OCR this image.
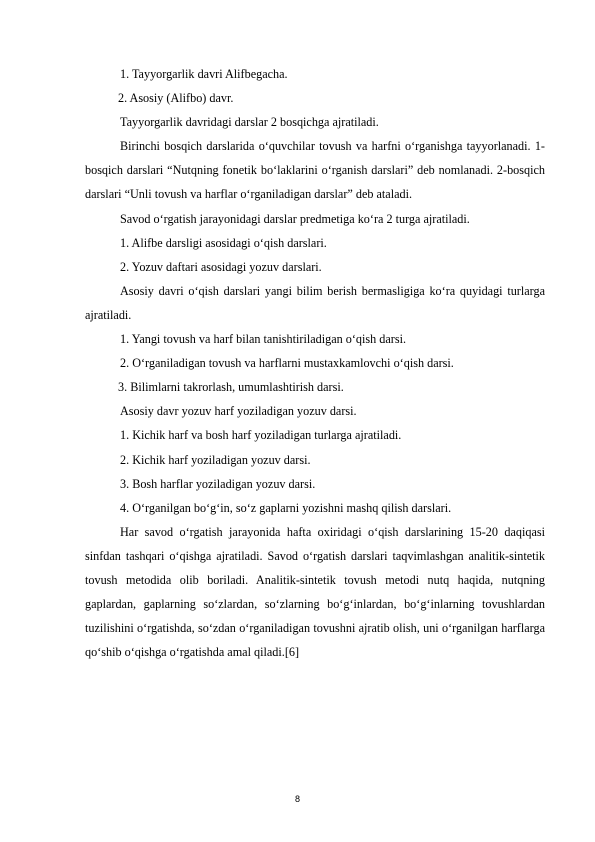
1. Tayyorgarlik davri Alifbegacha.

2. Asosiy (Alifbo) davr.

Tayyorgarlik davridagi darslar 2 bosqichga ajratiladi.

Birinchi bosqich darslarida o‘quvchilar tovush va harfni o‘rganishga tayyorlanadi. 1-bosqich darslari “Nutqning fonetik bo‘laklarini o‘rganish darslari” deb nomlanadi. 2-bosqich darslari “Unli tovush va harflar o‘rganiladigan darslar” deb ataladi.

Savod o‘rgatish jarayonidagi darslar predmetiga ko‘ra 2 turga ajratiladi.

1. Alifbe darsligi asosidagi o‘qish darslari.

2. Yozuv daftari asosidagi yozuv darslari.

Asosiy davri o‘qish darslari yangi bilim berish bermasligiga ko‘ra quyidagi turlarga ajratiladi.

1. Yangi tovush va harf bilan tanishtiriladigan o‘qish darsi.

2. O‘rganiladigan tovush va harflarni mustaxkamlovchi o‘qish darsi.

3. Bilimlarni takrorlash, umumlashtirish darsi.

Asosiy davr yozuv harf yoziladigan yozuv darsi.

1. Kichik harf va bosh harf yoziladigan turlarga ajratiladi.

2. Kichik harf yoziladigan yozuv darsi.

3. Bosh harflar yoziladigan yozuv darsi.

4. O‘rganilgan bo‘g‘in, so‘z gaplarni yozishni mashq qilish darslari.

Har savod o‘rgatish jarayonida hafta oxiridagi o‘qish darslarining 15-20 daqiqasi sinfdan tashqari o‘qishga ajratiladi. Savod o‘rgatish darslari taqvimlashgan analitik-sintetik tovush metodida olib boriladi. Analitik-sintetik tovush metodi nutq haqida, nutqning gaplardan, gaplarning so‘zlardan, so‘zlarning bo‘g‘inlardan, bo‘g‘inlarning tovushlardan tuzilishini o‘rgatishda, so‘zdan o‘rganiladigan tovushni ajratib olish, uni o‘rganilgan harflarga qo‘shib o‘qishga o‘rgatishda amal qiladi.[6]

8
